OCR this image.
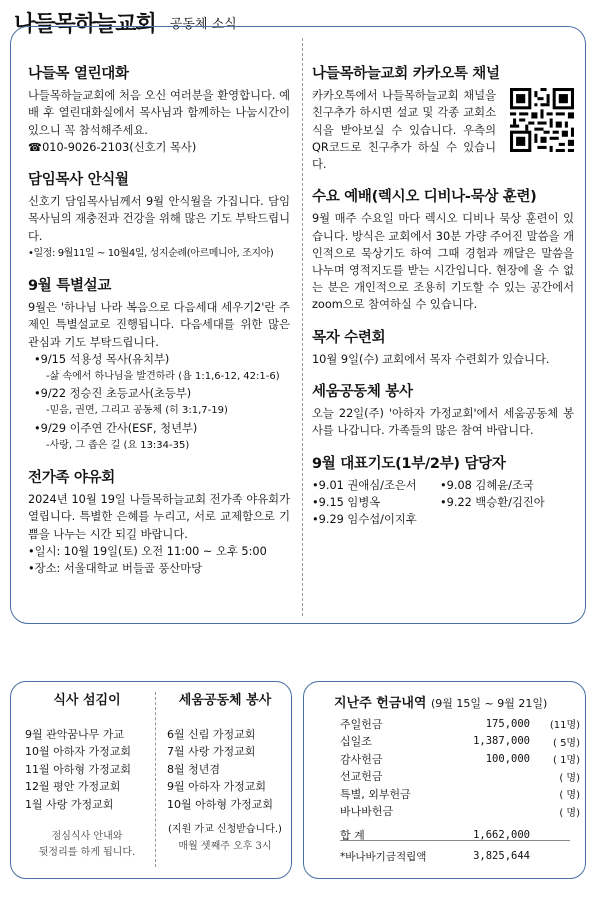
나들목하늘교회 공동체 소식
나들목 열린대화

나들목하늘교회에 처음 오신 여러분을 환영합니다. 예배 후 열린대화실에서 목사님과 함께하는 나눔시간이 있으니 꼭 참석해주세요.

☎010-9026-2103(신호기 목사)

담임목사 안식월

신호기 담임목사님께서 9월 안식월을 가집니다. 담임목사님의 재충전과 건강을 위해 많은 기도 부탁드립니다.

•일정: 9월11일 ~ 10월4일, 성지순례(아르메니아, 조지아)

9월 특별설교

9월은 '하나님 나라 복음으로 다음세대 세우기2'란 주제인 특별설교로 진행됩니다. 다음세대를 위한 많은 관심과 기도 부탁드립니다.

•9/15 석용성 목사(유치부)
-삶 속에서 하나님을 발견하라 (욥 1:1,6-12, 42:1-6)
•9/22 정승진 초등교사(초등부)
-믿음, 권면, 그리고 공동체 (히 3:1,7-19)
•9/29 이주연 간사(ESF, 청년부)
-사랑, 그 좁은 길 (요 13:34-35)
전가족 야유회

2024년 10월 19일 나들목하늘교회 전가족 야유회가 열립니다. 특별한 은혜를 누리고, 서로 교제함으로 기쁨을 나누는 시간 되길 바랍니다.

•일시: 10월 19일(토) 오전 11:00 ~ 오후 5:00

•장소: 서울대학교 버들골 풍산마당

나들목하늘교회 카카오톡 채널

카카오톡에서 나들목하늘교회 채널을 친구추가 하시면 설교 및 각종 교회소식을 받아보실 수 있습니다. 우측의 QR코드로 친구추가 하실 수 있습니다.

수요 예배(렉시오 디비나-묵상 훈련)

9월 매주 수요일 마다 렉시오 디비나 묵상 훈련이 있습니다. 방식은 교회에서 30분 가량 주어진 말씀을 개인적으로 묵상기도 하여 그때 경험과 깨달은 말씀을 나누며 영적지도를 받는 시간입니다. 현장에 올 수 없는 분은 개인적으로 조용히 기도할 수 있는 공간에서 zoom으로 참여하실 수 있습니다.

목자 수련회

10월 9일(수) 교회에서 목자 수련회가 있습니다.

세움공동체 봉사

오늘 22일(주) '아하자 가정교회'에서 세움공동체 봉사를 나갑니다. 가족들의 많은 참여 바랍니다.

9월 대표기도(1부/2부) 담당자
•9.01 권애심/조은서	•9.08 김혜윤/조국
•9.15 임병옥	•9.22 백승환/김진아
•9.29 임수섭/이지후
식사 섬김이
9월 관악꿈나무 가교
10월 아하자 가정교회
11월 아하형 가정교회
12월 평안 가정교회
1월 사랑 가정교회
점심식사 안내와
뒷정리를 하게 됩니다.
세움공동체 봉사
6월 신림 가정교회
7월 사랑 가정교회
8월 청년겸
9월 아하자 가정교회
10월 아하형 가정교회
(지원 가교 신청받습니다.)
매월 셋째주 오후 3시
지난주 헌금내역 (9월 15일 ~ 9월 21일)
주일헌금	175,000	(11명)
십일조	1,387,000	( 5명)
감사헌금	100,000	( 1명)
선교헌금		( 명)
특별, 외부헌금		( 명)
바나바헌금		( 명)
합 계	1,662,000	
*바나바기금적립액	3,825,644	
